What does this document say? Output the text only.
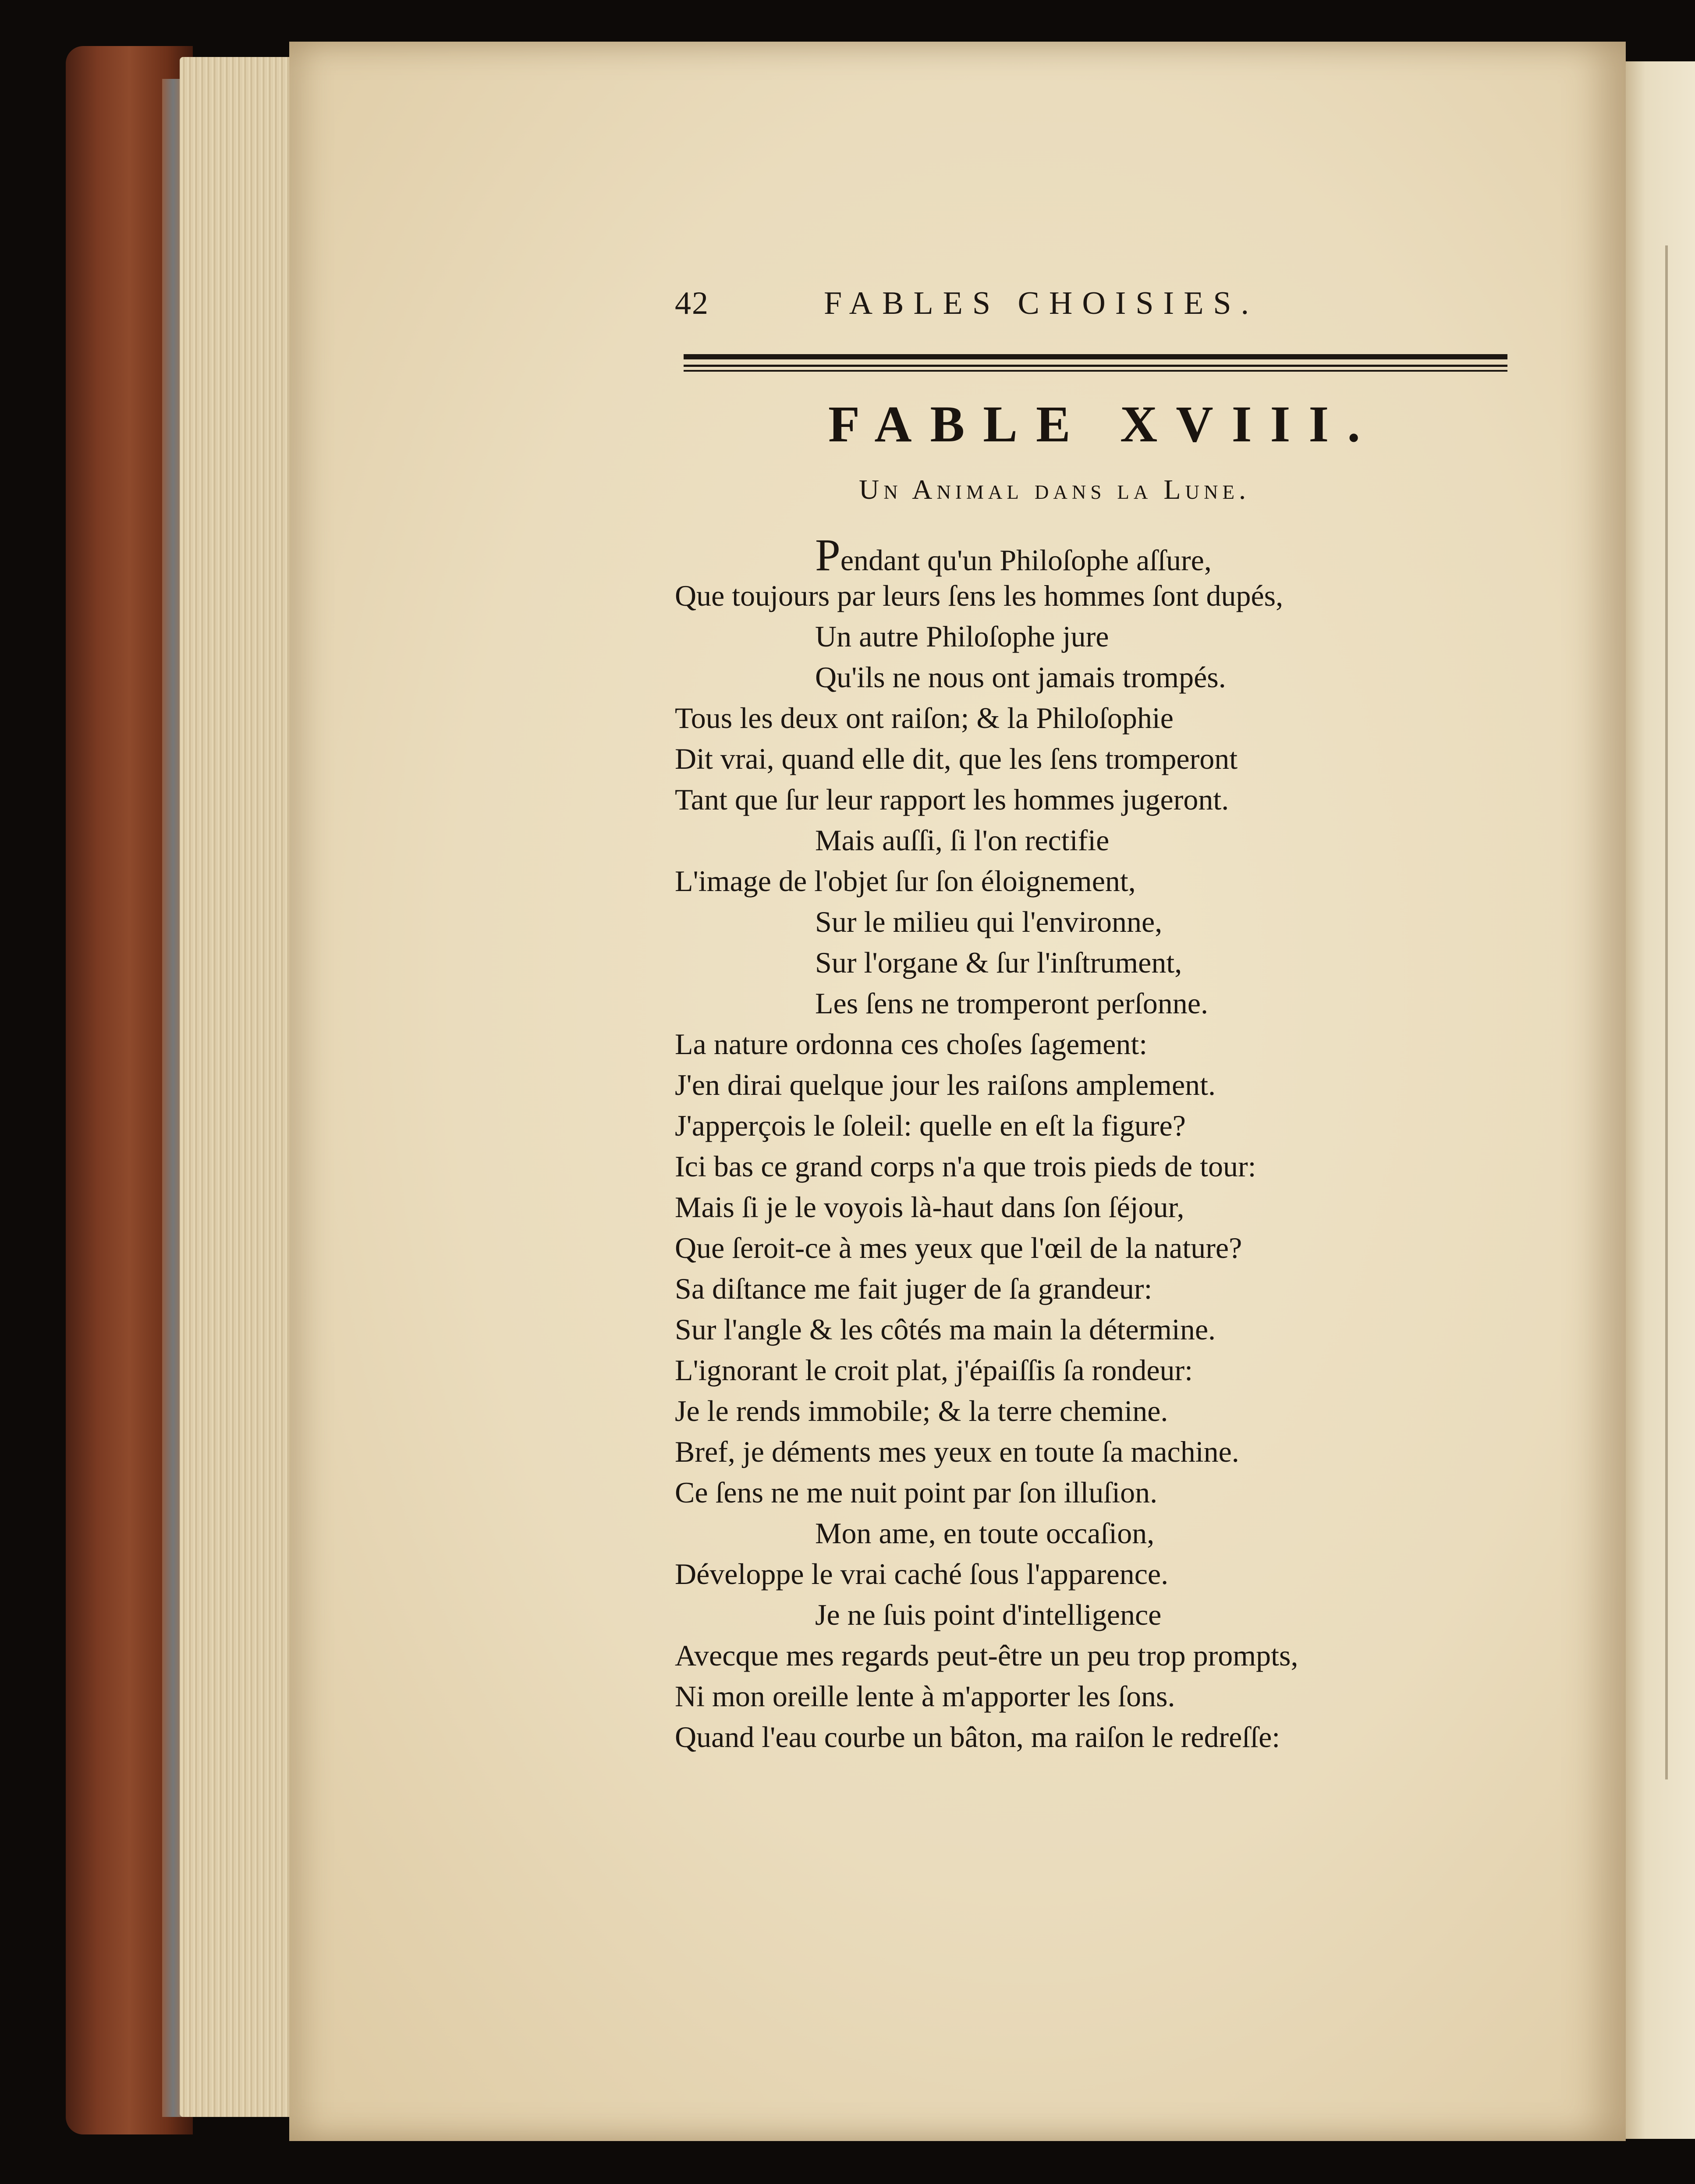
42	FABLES CHOISIES.
FABLE XVIII.
Un Animal dans la Lune.
Pendant qu'un Philoſophe aſſure,
Que toujours par leurs ſens les hommes ſont dupés,
Un autre Philoſophe jure
Qu'ils ne nous ont jamais trompés.
Tous les deux ont raiſon; & la Philoſophie
Dit vrai, quand elle dit, que les ſens tromperont
Tant que ſur leur rapport les hommes jugeront.
Mais auſſi, ſi l'on rectifie
L'image de l'objet ſur ſon éloignement,
Sur le milieu qui l'environne,
Sur l'organe & ſur l'inſtrument,
Les ſens ne tromperont perſonne.
La nature ordonna ces choſes ſagement:
J'en dirai quelque jour les raiſons amplement.
J'apperçois le ſoleil: quelle en eſt la figure?
Ici bas ce grand corps n'a que trois pieds de tour:
Mais ſi je le voyois là-haut dans ſon ſéjour,
Que ſeroit-ce à mes yeux que l'œil de la nature?
Sa diſtance me fait juger de ſa grandeur:
Sur l'angle & les côtés ma main la détermine.
L'ignorant le croit plat, j'épaiſſis ſa rondeur:
Je le rends immobile; & la terre chemine.
Bref, je déments mes yeux en toute ſa machine.
Ce ſens ne me nuit point par ſon illuſion.
Mon ame, en toute occaſion,
Développe le vrai caché ſous l'apparence.
Je ne ſuis point d'intelligence
Avecque mes regards peut-être un peu trop prompts,
Ni mon oreille lente à m'apporter les ſons.
Quand l'eau courbe un bâton, ma raiſon le redreſſe:
